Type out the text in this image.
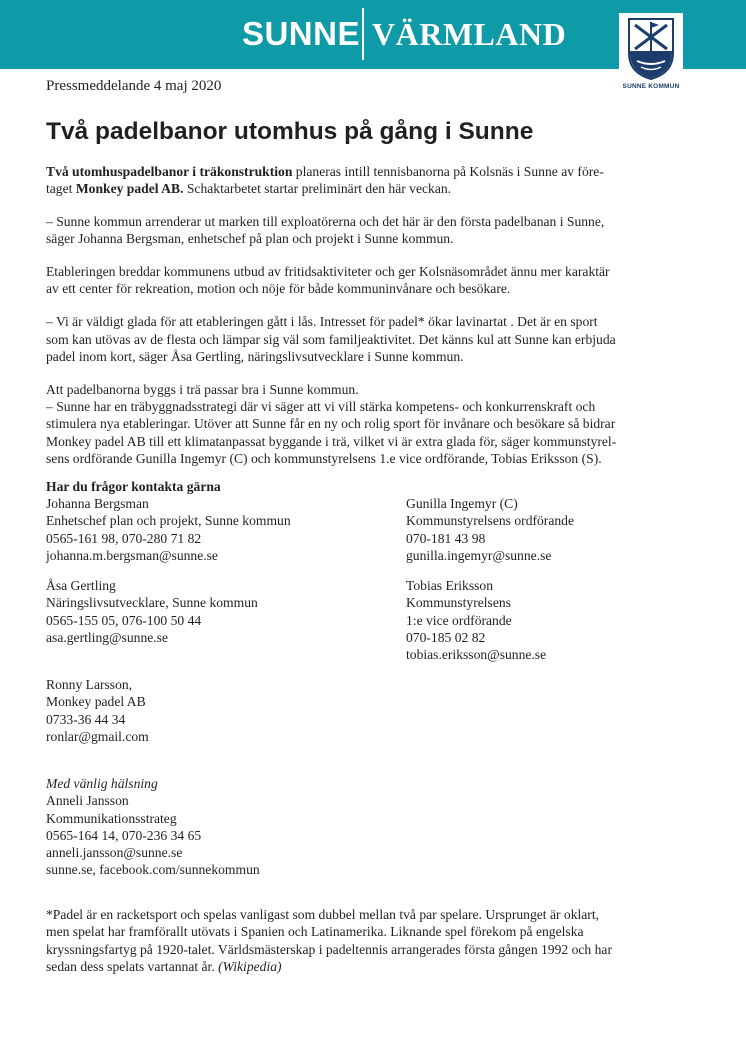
SUNNE VÄRMLAND
SUNNE KOMMUN
Pressmeddelande 4 maj 2020
Två padelbanor utomhus på gång i Sunne

Två utomhuspadelbanor i träkonstruktion planeras intill tennisbanorna på Kolsnäs i Sunne av före-
taget Monkey padel AB. Schaktarbetet startar preliminärt den här veckan.

– Sunne kommun arrenderar ut marken till exploatörerna och det här är den första padelbanan i Sunne,
säger Johanna Bergsman, enhetschef på plan och projekt i Sunne kommun.

Etableringen breddar kommunens utbud av fritidsaktiviteter och ger Kolsnäsområdet ännu mer karaktär
av ett center för rekreation, motion och nöje för både kommuninvånare och besökare.

– Vi är väldigt glada för att etableringen gått i lås. Intresset för padel* ökar lavinartat . Det är en sport
som kan utövas av de flesta och lämpar sig väl som familjeaktivitet. Det känns kul att Sunne kan erbjuda
padel inom kort, säger Åsa Gertling, näringslivsutvecklare i Sunne kommun.

Att padelbanorna byggs i trä passar bra i Sunne kommun.
– Sunne har en träbyggnadsstrategi där vi säger att vi vill stärka kompetens- och konkurrenskraft och
stimulera nya etableringar. Utöver att Sunne får en ny och rolig sport för invånare och besökare så bidrar
Monkey padel AB till ett klimatanpassat byggande i trä, vilket vi är extra glada för, säger kommunstyrel-
sens ordförande Gunilla Ingemyr (C) och kommunstyrelsens 1.e vice ordförande, Tobias Eriksson (S).

Har du frågor kontakta gärna
Johanna Bergsman
Enhetschef plan och projekt, Sunne kommun
0565-161 98, 070-280 71 82
johanna.m.bergsman@sunne.se
Gunilla Ingemyr (C)
Kommunstyrelsens ordförande
070-181 43 98
gunilla.ingemyr@sunne.se
Åsa Gertling
Näringslivsutvecklare, Sunne kommun
0565-155 05, 076-100 50 44
asa.gertling@sunne.se
Tobias Eriksson
Kommunstyrelsens
1:e vice ordförande
070-185 02 82
tobias.eriksson@sunne.se
Ronny Larsson,
Monkey padel AB
0733-36 44 34
ronlar@gmail.com
Med vänlig hälsning
Anneli Jansson
Kommunikationsstrateg
0565-164 14, 070-236 34 65
anneli.jansson@sunne.se
sunne.se, facebook.com/sunnekommun
*Padel är en racketsport och spelas vanligast som dubbel mellan två par spelare. Ursprunget är oklart,
men spelat har framförallt utövats i Spanien och Latinamerika. Liknande spel förekom på engelska
kryssningsfartyg på 1920-talet. Världsmästerskap i padeltennis arrangerades första gången 1992 och har
sedan dess spelats vartannat år. (Wikipedia)
